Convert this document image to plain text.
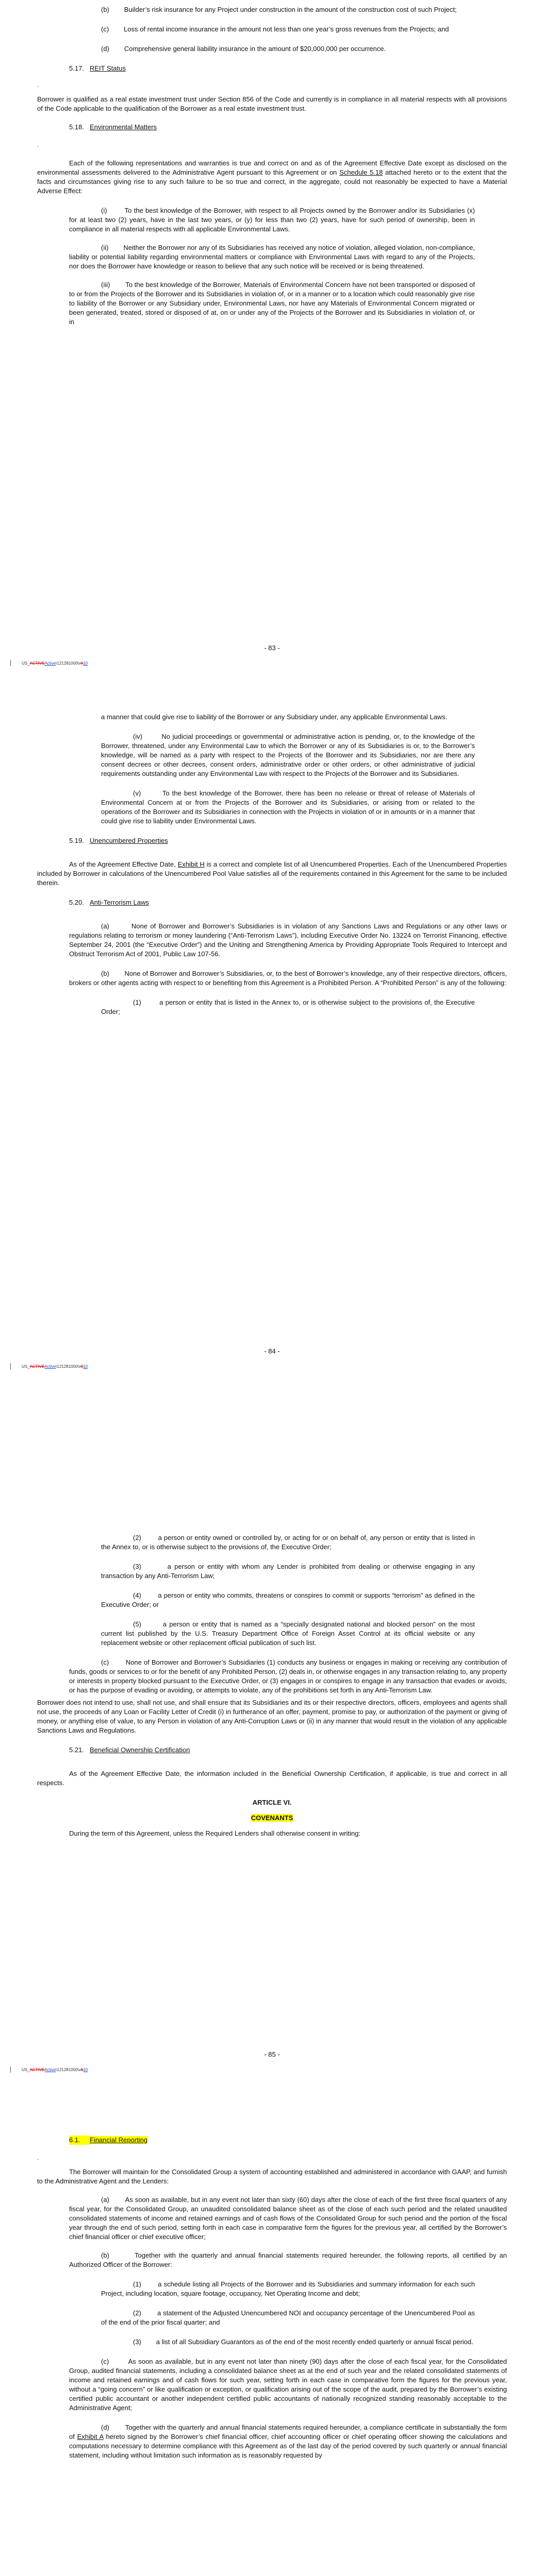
(b)        Builder’s risk insurance for any Project under construction in the amount of the construction cost of such Project;

(c)        Loss of rental income insurance in the amount not less than one year’s gross revenues from the Projects; and

(d)        Comprehensive general liability insurance in the amount of $20,000,000 per occurrence.

5.17. REIT Status

.

Borrower is qualified as a real estate investment trust under Section 856 of the Code and currently is in compliance in all material respects with all provisions of the Code applicable to the qualification of the Borrower as a real estate investment trust.

5.18. Environmental Matters

.

Each of the following representations and warranties is true and correct on and as of the Agreement Effective Date except as disclosed on the environmental assessments delivered to the Administrative Agent pursuant to this Agreement or on Schedule 5.18 attached hereto or to the extent that the facts and circumstances giving rise to any such failure to be so true and correct, in the aggregate, could not reasonably be expected to have a Material Adverse Effect:

(i)        To the best knowledge of the Borrower, with respect to all Projects owned by the Borrower and/or its Subsidiaries (x) for at least two (2) years, have in the last two years, or (y) for less than two (2) years, have for such period of ownership, been in compliance in all material respects with all applicable Environmental Laws.

(ii)        Neither the Borrower nor any of its Subsidiaries has received any notice of violation, alleged violation, non-compliance, liability or potential liability regarding environmental matters or compliance with Environmental Laws with regard to any of the Projects, nor does the Borrower have knowledge or reason to believe that any such notice will be received or is being threatened.

(iii)        To the best knowledge of the Borrower, Materials of Environmental Concern have not been transported or disposed of to or from the Projects of the Borrower and its Subsidiaries in violation of, or in a manner or to a location which could reasonably give rise to liability of the Borrower or any Subsidiary under, Environmental Laws, nor have any Materials of Environmental Concern migrated or been generated, treated, stored or disposed of at, on or under any of the Projects of the Borrower and its Subsidiaries in violation of, or in

- 83 -
US_ACTIVEActive\121281000\v610

a manner that could give rise to liability of the Borrower or any Subsidiary under, any applicable Environmental Laws.

(iv)        No judicial proceedings or governmental or administrative action is pending, or, to the knowledge of the Borrower, threatened, under any Environmental Law to which the Borrower or any of its Subsidiaries is or, to the Borrower’s knowledge, will be named as a party with respect to the Projects of the Borrower and its Subsidiaries, nor are there any consent decrees or other decrees, consent orders, administrative order or other orders, or other administrative of judicial requirements outstanding under any Environmental Law with respect to the Projects of the Borrower and its Subsidiaries.

(v)        To the best knowledge of the Borrower, there has been no release or threat of release of Materials of Environmental Concern at or from the Projects of the Borrower and its Subsidiaries, or arising from or related to the operations of the Borrower and its Subsidiaries in connection with the Projects in violation of or in amounts or in a manner that could give rise to liability under Environmental Laws.

5.19. Unencumbered Properties

As of the Agreement Effective Date, Exhibit H is a correct and complete list of all Unencumbered Properties. Each of the Unencumbered Properties included by Borrower in calculations of the Unencumbered Pool Value satisfies all of the requirements contained in this Agreement for the same to be included therein.

5.20. Anti-Terrorism Laws

(a)        None of Borrower and Borrower’s Subsidiaries is in violation of any Sanctions Laws and Regulations or any other laws or regulations relating to terrorism or money laundering (“Anti-Terrorism Laws”), including Executive Order No. 13224 on Terrorist Financing, effective September 24, 2001 (the “Executive Order”) and the Uniting and Strengthening America by Providing Appropriate Tools Required to Intercept and Obstruct Terrorism Act of 2001, Public Law 107-56.

(b)        None of Borrower and Borrower’s Subsidiaries, or, to the best of Borrower’s knowledge, any of their respective directors, officers, brokers or other agents acting with respect to or benefiting from this Agreement is a Prohibited Person. A “Prohibited Person” is any of the following:

(1)        a person or entity that is listed in the Annex to, or is otherwise subject to the provisions of, the Executive Order;

- 84 -
US_ACTIVEActive\121281000\v610

(2)        a person or entity owned or controlled by, or acting for or on behalf of, any person or entity that is listed in the Annex to, or is otherwise subject to the provisions of, the Executive Order;

(3)        a person or entity with whom any Lender is prohibited from dealing or otherwise engaging in any transaction by any Anti-Terrorism Law;

(4)        a person or entity who commits, threatens or conspires to commit or supports “terrorism” as defined in the Executive Order; or

(5)        a person or entity that is named as a “specially designated national and blocked person” on the most current list published by the U.S. Treasury Department Office of Foreign Asset Control at its official website or any replacement website or other replacement official publication of such list.

(c)        None of Borrower and Borrower’s Subsidiaries (1) conducts any business or engages in making or receiving any contribution of funds, goods or services to or for the benefit of any Prohibited Person, (2) deals in, or otherwise engages in any transaction relating to, any property or interests in property blocked pursuant to the Executive Order, or (3) engages in or conspires to engage in any transaction that evades or avoids, or has the purpose of evading or avoiding, or attempts to violate, any of the prohibitions set forth in any Anti-Terrorism Law.

Borrower does not intend to use, shall not use, and shall ensure that its Subsidiaries and its or their respective directors, officers, employees and agents shall not use, the proceeds of any Loan or Facility Letter of Credit (i) in furtherance of an offer, payment, promise to pay, or authorization of the payment or giving of money, or anything else of value, to any Person in violation of any Anti-Corruption Laws or (ii) in any manner that would result in the violation of any applicable Sanctions Laws and Regulations.

5.21. Beneficial Ownership Certification

As of the Agreement Effective Date, the information included in the Beneficial Ownership Certification, if applicable, is true and correct in all respects.

ARTICLE VI.

COVENANTS

During the term of this Agreement, unless the Required Lenders shall otherwise consent in writing:

- 85 -
US_ACTIVEActive\121281000\v610

6.1. Financial Reporting

.

The Borrower will maintain for the Consolidated Group a system of accounting established and administered in accordance with GAAP, and furnish to the Administrative Agent and the Lenders:

(a)        As soon as available, but in any event not later than sixty (60) days after the close of each of the first three fiscal quarters of any fiscal year, for the Consolidated Group, an unaudited consolidated balance sheet as of the close of each such period and the related unaudited consolidated statements of income and retained earnings and of cash flows of the Consolidated Group for such period and the portion of the fiscal year through the end of such period, setting forth in each case in comparative form the figures for the previous year, all certified by the Borrower’s chief financial officer or chief executive officer;

(b)        Together with the quarterly and annual financial statements required hereunder, the following reports, all certified by an Authorized Officer of the Borrower:

(1)        a schedule listing all Projects of the Borrower and its Subsidiaries and summary information for each such Project, including location, square footage, occupancy, Net Operating Income and debt;

(2)        a statement of the Adjusted Unencumbered NOI and occupancy percentage of the Unencumbered Pool as of the end of the prior fiscal quarter; and

(3)        a list of all Subsidiary Guarantors as of the end of the most recently ended quarterly or annual fiscal period.

(c)        As soon as available, but in any event not later than ninety (90) days after the close of each fiscal year, for the Consolidated Group, audited financial statements, including a consolidated balance sheet as at the end of such year and the related consolidated statements of income and retained earnings and of cash flows for such year, setting forth in each case in comparative form the figures for the previous year, without a “going concern” or like qualification or exception, or qualification arising out of the scope of the audit, prepared by the Borrower’s existing certified public accountant or another independent certified public accountants of nationally recognized standing reasonably acceptable to the Administrative Agent;

(d)        Together with the quarterly and annual financial statements required hereunder, a compliance certificate in substantially the form of Exhibit A hereto signed by the Borrower’s chief financial officer, chief accounting officer or chief operating officer showing the calculations and computations necessary to determine compliance with this Agreement as of the last day of the period covered by such quarterly or annual financial statement, including without limitation such information as is reasonably requested by
